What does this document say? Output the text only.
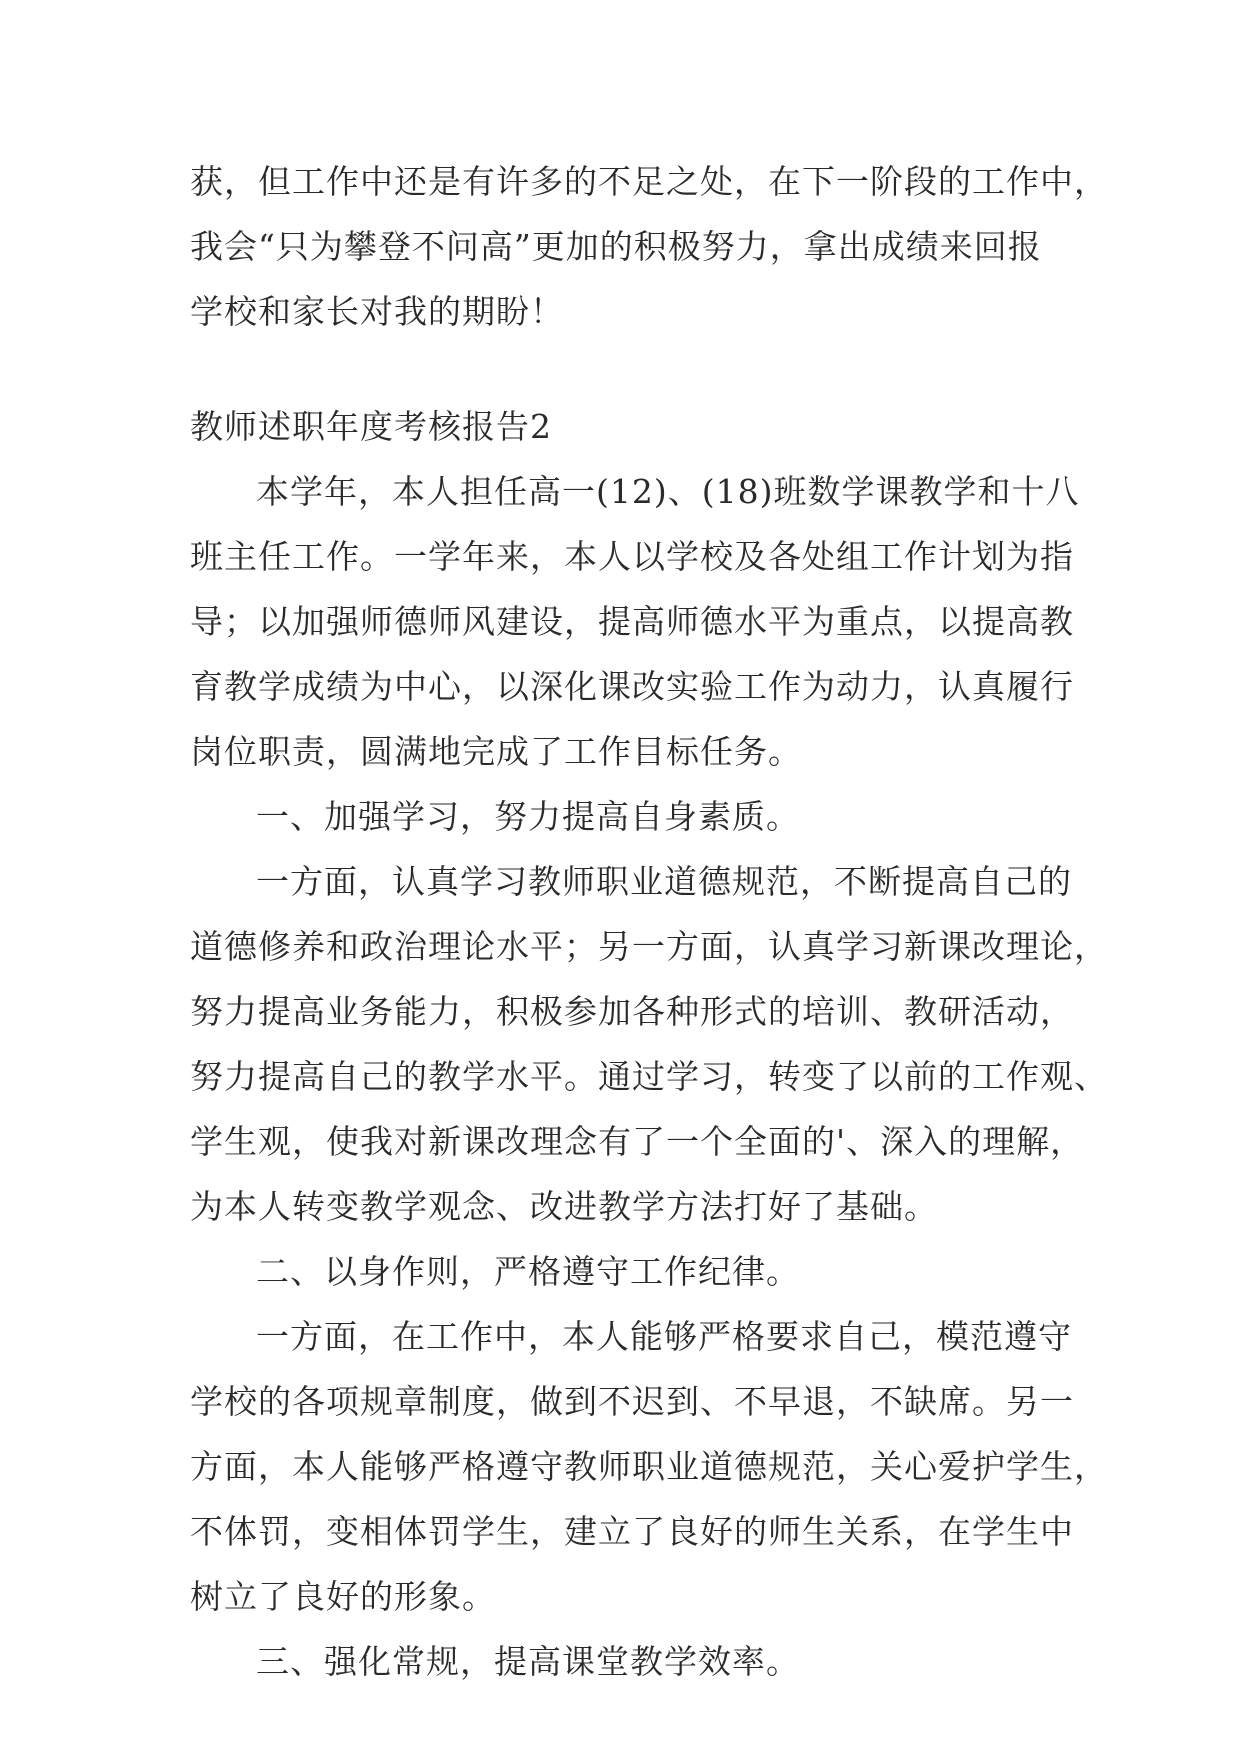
获，但工作中还是有许多的不足之处，在下一阶段的工作中，
我会“只为攀登不问高”更加的积极努力，拿出成绩来回报
学校和家长对我的期盼！
教师述职年度考核报告2
本学年，本人担任高一(12)、(18)班数学课教学和十八
班主任工作。一学年来，本人以学校及各处组工作计划为指
导；以加强师德师风建设，提高师德水平为重点，以提高教
育教学成绩为中心，以深化课改实验工作为动力，认真履行
岗位职责，圆满地完成了工作目标任务。
一、加强学习，努力提高自身素质。
一方面，认真学习教师职业道德规范，不断提高自己的
道德修养和政治理论水平；另一方面，认真学习新课改理论，
努力提高业务能力，积极参加各种形式的培训、教研活动，
努力提高自己的教学水平。通过学习，转变了以前的工作观、
学生观，使我对新课改理念有了一个全面的'、深入的理解，
为本人转变教学观念、改进教学方法打好了基础。
二、以身作则，严格遵守工作纪律。
一方面，在工作中，本人能够严格要求自己，模范遵守
学校的各项规章制度，做到不迟到、不早退，不缺席。另一
方面，本人能够严格遵守教师职业道德规范，关心爱护学生，
不体罚，变相体罚学生，建立了良好的师生关系，在学生中
树立了良好的形象。
三、强化常规，提高课堂教学效率。
